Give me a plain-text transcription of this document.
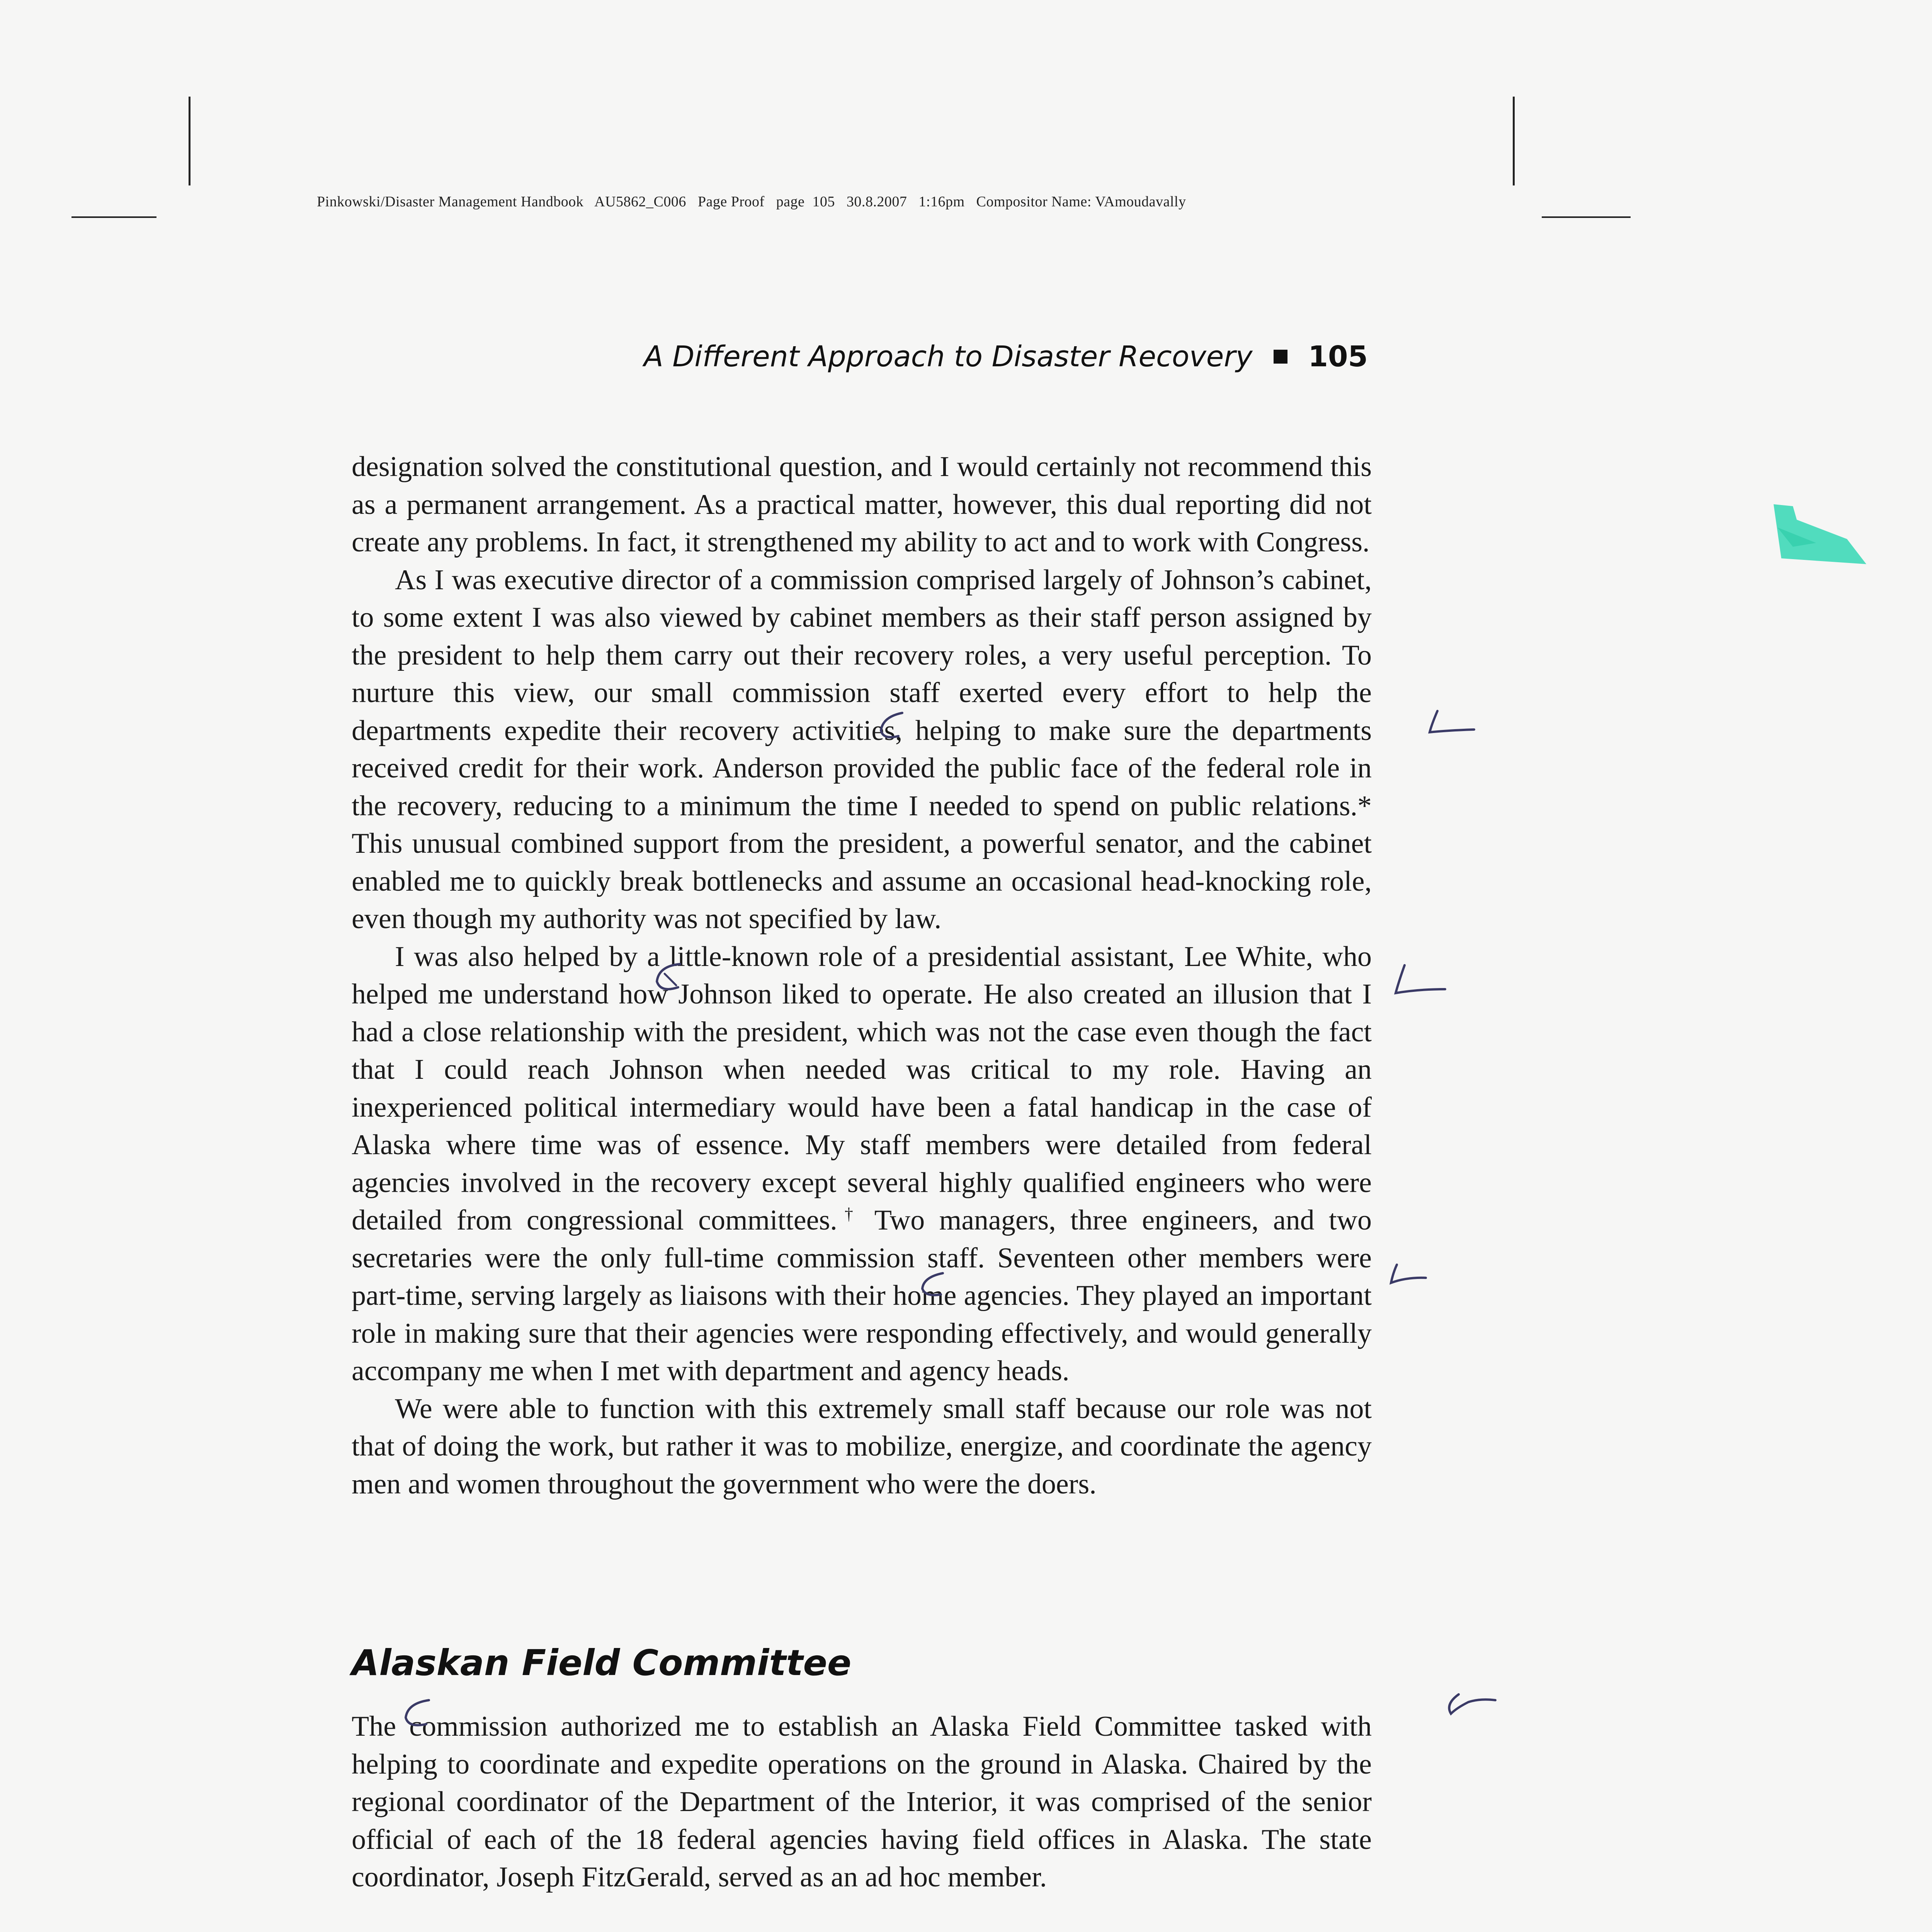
Pinkowski/Disaster Management Handbook   AU5862_C006   Page Proof   page  105   30.8.2007   1:16pm   Compositor Name: VAmoudavally
A Different Approach to Disaster Recovery 105

designation solved the constitutional question, and I would certainly not recommend this as a permanent arrangement. As a practical matter, however, this dual reporting did not create any problems. In fact, it strengthened my ability to act and to work with Congress.

As I was executive director of a commission comprised largely of Johnson’s cabinet, to some extent I was also viewed by cabinet members as their staff person assigned by the president to help them carry out their recovery roles, a very useful perception. To nurture this view, our small commission staff exerted every effort to help the departments expedite their recovery activities, helping to make sure the departments received credit for their work. Anderson provided the public face of the federal role in the recovery, reducing to a minimum the time I needed to spend on public relations.* This unusual combined support from the president, a powerful senator, and the cabinet enabled me to quickly break bottlenecks and assume an occasional head-knocking role, even though my authority was not specified by law.

I was also helped by a little-known role of a presidential assistant, Lee White, who helped me understand how Johnson liked to operate. He also created an illusion that I had a close relationship with the president, which was not the case even though the fact that I could reach Johnson when needed was critical to my role. Having an inexperienced political intermediary would have been a fatal handicap in the case of Alaska where time was of essence. My staff members were detailed from federal agencies involved in the recovery except several highly qualified engineers who were detailed from congressional committees.† Two managers, three engineers, and two secretaries were the only full-time commission staff. Seventeen other members were part-time, serving largely as liaisons with their home agencies. They played an important role in making sure that their agencies were responding effectively, and would generally accompany me when I met with department and agency heads.

We were able to function with this extremely small staff because our role was not that of doing the work, but rather it was to mobilize, energize, and coordinate the agency men and women throughout the government who were the doers.

Alaskan Field Committee

The commission authorized me to establish an Alaska Field Committee tasked with helping to coordinate and expedite operations on the ground in Alaska. Chaired by the regional coordinator of the Department of the Interior, it was comprised of the senior official of each of the 18 federal agencies having field offices in Alaska. The state coordinator, Joseph FitzGerald, served as an ad hoc member.
